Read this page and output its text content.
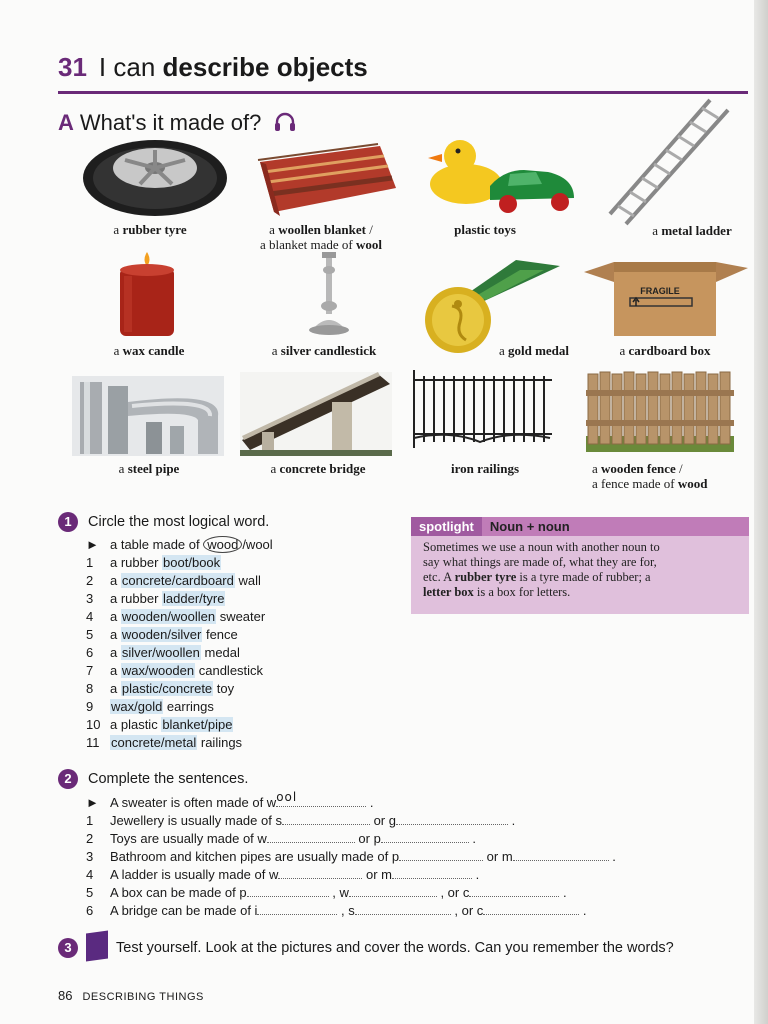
31 I can describe objects
A What's it made of?
a rubber tyre	a woollen blanket /
a blanket made of wool
plastic toys	a metal ladder
FRAGILE
a wax candle	a silver candlestick	a gold medal	a cardboard box
a steel pipe	a concrete bridge	iron railings	a wooden fence /
a fence made of wood
1	Circle the most logical word.
► a table made of wood /wool
1 a rubber boot/book
2 a concrete/cardboard wall
3 a rubber ladder/tyre
4 a wooden/woollen sweater
5 a wooden/silver fence
6 a silver/woollen medal
7 a wax/wooden candlestick
8 a plastic/concrete toy
9 wax/gold earrings
10 a plastic blanket/pipe
11 concrete/metal railings
spotlight Noun + noun
Sometimes we use a noun with another noun to
say what things are made of, what they are for,
etc. A rubber tyre is a tyre made of rubber; a
letter box is a box for letters.
2	Complete the sentences.
► A sweater is often made of w ool	.
1 Jewellery is usually made of s	or g	.
2 Toys are usually made of w	or p	.
3 Bathroom and kitchen pipes are usually made of p	or m	.
4 A ladder is usually made of w	or m	.
5 A box can be made of p	, w	, or c	.
6 A bridge can be made of i	, s	, or c	.
3	Test yourself. Look at the pictures and cover the words. Can you remember the words?
86 DESCRIBING THINGS
